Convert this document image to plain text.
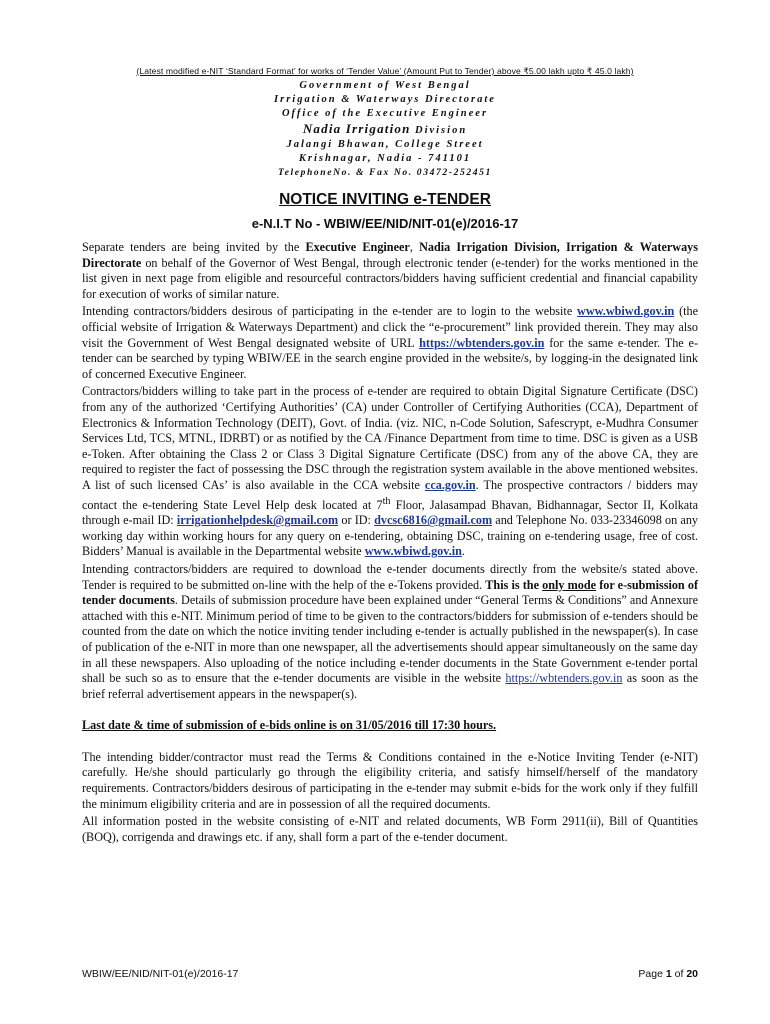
(Latest modified e-NIT ‘Standard Format’ for works of ‘Tender Value’ (Amount Put to Tender) above ₹5.00 lakh upto ₹ 45.0 lakh)
Government of West Bengal
Irrigation & Waterways Directorate
Office of the Executive Engineer
Nadia Irrigation Division
Jalangi Bhawan, College Street
Krishnagar, Nadia - 741101
TelephoneNo. & Fax No. 03472-252451
NOTICE INVITING e-TENDER
e-N.I.T No - WBIW/EE/NID/NIT-01(e)/2016-17

Separate tenders are being invited by the Executive Engineer, Nadia Irrigation Division, Irrigation & Waterways Directorate on behalf of the Governor of West Bengal, through electronic tender (e-tender) for the works mentioned in the list given in next page from eligible and resourceful contractors/bidders having sufficient credential and financial capability for execution of works of similar nature.

Intending contractors/bidders desirous of participating in the e-tender are to login to the website www.wbiwd.gov.in (the official website of Irrigation & Waterways Department) and click the “e-procurement” link provided therein. They may also visit the Government of West Bengal designated website of URL https://wbtenders.gov.in for the same e-tender. The e-tender can be searched by typing WBIW/EE in the search engine provided in the website/s, by logging-in the designated link of concerned Executive Engineer.

Contractors/bidders willing to take part in the process of e-tender are required to obtain Digital Signature Certificate (DSC) from any of the authorized ‘Certifying Authorities’ (CA) under Controller of Certifying Authorities (CCA), Department of Electronics & Information Technology (DEIT), Govt. of India. (viz. NIC, n-Code Solution, Safescrypt, e-Mudhra Consumer Services Ltd, TCS, MTNL, IDRBT) or as notified by the CA /Finance Department from time to time. DSC is given as a USB e-Token. After obtaining the Class 2 or Class 3 Digital Signature Certificate (DSC) from any of the above CA, they are required to register the fact of possessing the DSC through the registration system available in the above mentioned websites. A list of such licensed CAs’ is also available in the CCA website cca.gov.in. The prospective contractors / bidders may contact the e-tendering State Level Help desk located at 7th Floor, Jalasampad Bhavan, Bidhannagar, Sector II, Kolkata through e-mail ID: irrigationhelpdesk@gmail.com or ID: dvcsc6816@gmail.com and Telephone No. 033-23346098 on any working day within working hours for any query on e-tendering, obtaining DSC, training on e-tendering usage, free of cost. Bidders’ Manual is available in the Departmental website www.wbiwd.gov.in.

Intending contractors/bidders are required to download the e-tender documents directly from the website/s stated above. Tender is required to be submitted on-line with the help of the e-Tokens provided. This is the only mode for e-submission of tender documents. Details of submission procedure have been explained under “General Terms & Conditions” and Annexure attached with this e-NIT. Minimum period of time to be given to the contractors/bidders for submission of e-tenders should be counted from the date on which the notice inviting tender including e-tender is actually published in the newspaper(s). In case of publication of the e-NIT in more than one newspaper, all the advertisements should appear simultaneously on the same day in all these newspapers. Also uploading of the notice including e-tender documents in the State Government e-tender portal shall be such so as to ensure that the e-tender documents are visible in the website https://wbtenders.gov.in as soon as the brief referral advertisement appears in the newspaper(s).

Last date & time of submission of e-bids online is on 31/05/2016 till 17:30 hours.

The intending bidder/contractor must read the Terms & Conditions contained in the e-Notice Inviting Tender (e-NIT) carefully. He/she should particularly go through the eligibility criteria, and satisfy himself/herself of the mandatory requirements. Contractors/bidders desirous of participating in the e-tender may submit e-bids for the work only if they fulfill the minimum eligibility criteria and are in possession of all the required documents.

All information posted in the website consisting of e-NIT and related documents, WB Form 2911(ii), Bill of Quantities (BOQ), corrigenda and drawings etc. if any, shall form a part of the e-tender document.

WBIW/EE/NID/NIT-01(e)/2016-17	Page 1 of 20
